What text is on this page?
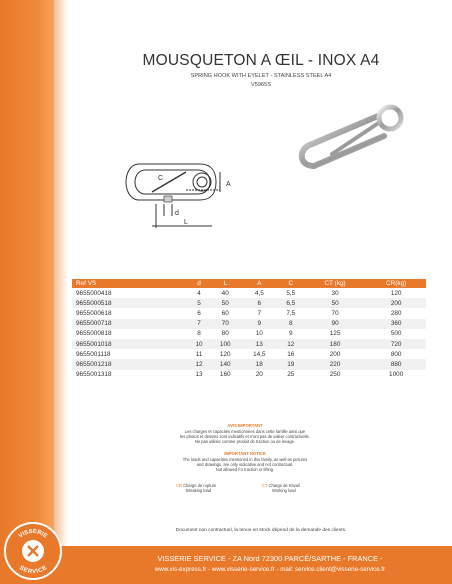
MOUSQUETON A ŒIL - INOX A4
SPRING HOOK WITH EYELET - STAINLESS STEEL A4
V5965S
C
A
d
L
Ref VS	d	L	A	C	CT (kg)	CR(kg)
9655000418	4	40	4,5	5,5	30	120
9655000518	5	50	6	6,5	50	200
9655000618	6	60	7	7,5	70	280
9655000718	7	70	9	8	90	360
9655000818	8	80	10	9	125	500
9655001018	10	100	13	12	180	720
9655001118	11	120	14,5	16	200	800
9655001218	12	140	18	19	220	880
9655001318	13	160	20	25	250	1000
AVIS IMPORTANT
Les charges et capacités mentionnées dans cette famille ainsi que
les photos et dessins sont indicatifs et n'ont pas de valeur contractuelle.
Ne pas utiliser comme produit de traction ou de levage.
IMPORTANT NOTICE
The loads and capacities mentioned in this family, as well as pictures
and drawings, are only indicative and not contractual.
Not allowed for traction or lifting.
CR Charge de rupture
Breaking load
CT Charge de travail
Working load
Document non contractuel, la tenue en stock dépend de la demande des clients.
VISSERIE SERVICE - ZA Nord 72300 PARCÉ/SARTHE - FRANCE -
www.vis-express.fr - www.visserie-service.fr - mail: service.client@visserie-service.fr
VISSERIE
SERVICE
